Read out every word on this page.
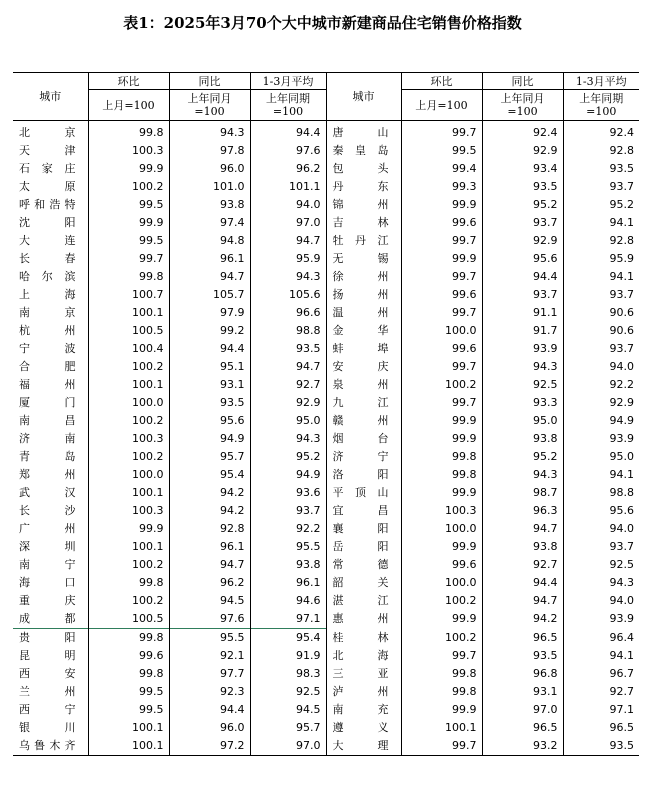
表1：2025年3月70个大中城市新建商品住宅销售价格指数
城市	环比	同比	1-3月平均	城市	环比	同比	1-3月平均
	上月=100	上年同月=100	上年同期=100		上月=100	上年同月=100	上年同期=100
北京	99.8	94.3	94.4	唐山	99.7	92.4	92.4
天津	100.3	97.8	97.6	秦皇岛	99.5	92.9	92.8
石家庄	99.9	96.0	96.2	包头	99.4	93.4	93.5
太原	100.2	101.0	101.1	丹东	99.3	93.5	93.7
呼和浩特	99.5	93.8	94.0	锦州	99.9	95.2	95.2
沈阳	99.9	97.4	97.0	吉林	99.6	93.7	94.1
大连	99.5	94.8	94.7	牡丹江	99.7	92.9	92.8
长春	99.7	96.1	95.9	无锡	99.9	95.6	95.9
哈尔滨	99.8	94.7	94.3	徐州	99.7	94.4	94.1
上海	100.7	105.7	105.6	扬州	99.6	93.7	93.7
南京	100.1	97.9	96.6	温州	99.7	91.1	90.6
杭州	100.5	99.2	98.8	金华	100.0	91.7	90.6
宁波	100.4	94.4	93.5	蚌埠	99.6	93.9	93.7
合肥	100.2	95.1	94.7	安庆	99.7	94.3	94.0
福州	100.1	93.1	92.7	泉州	100.2	92.5	92.2
厦门	100.0	93.5	92.9	九江	99.7	93.3	92.9
南昌	100.2	95.6	95.0	赣州	99.9	95.0	94.9
济南	100.3	94.9	94.3	烟台	99.9	93.8	93.9
青岛	100.2	95.7	95.2	济宁	99.8	95.2	95.0
郑州	100.0	95.4	94.9	洛阳	99.8	94.3	94.1
武汉	100.1	94.2	93.6	平顶山	99.9	98.7	98.8
长沙	100.3	94.2	93.7	宜昌	100.3	96.3	95.6
广州	99.9	92.8	92.2	襄阳	100.0	94.7	94.0
深圳	100.1	96.1	95.5	岳阳	99.9	93.8	93.7
南宁	100.2	94.7	93.8	常德	99.6	92.7	92.5
海口	99.8	96.2	96.1	韶关	100.0	94.4	94.3
重庆	100.2	94.5	94.6	湛江	100.2	94.7	94.0
成都	100.5	97.6	97.1	惠州	99.9	94.2	93.9
贵阳	99.8	95.5	95.4	桂林	100.2	96.5	96.4
昆明	99.6	92.1	91.9	北海	99.7	93.5	94.1
西安	99.8	97.7	98.3	三亚	99.8	96.8	96.7
兰州	99.5	92.3	92.5	泸州	99.8	93.1	92.7
西宁	99.5	94.4	94.5	南充	99.9	97.0	97.1
银川	100.1	96.0	95.7	遵义	100.1	96.5	96.5
乌鲁木齐	100.1	97.2	97.0	大理	99.7	93.2	93.5
